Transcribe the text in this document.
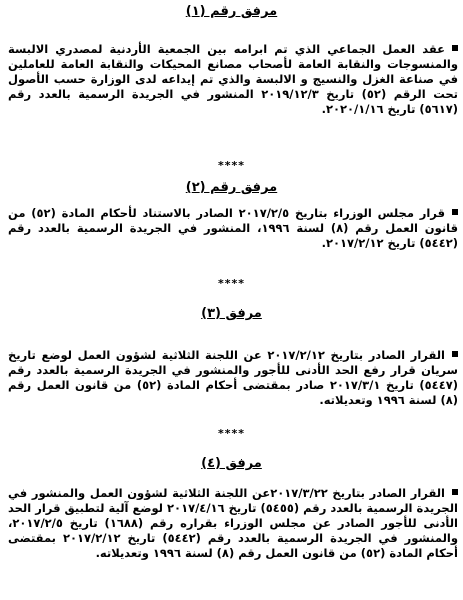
مرفق رقم (١)
عقد العمل الجماعي الذي تم ابرامه بين الجمعية الأردنية لمصدري الالبسة والمنسوجات والنقابة العامة لأصحاب مصانع المحيكات والنقابة العامة للعاملين في صناعة الغزل والنسيج و الالبسة والذي تم إيداعه لدى الوزارة حسب الأصول تحت الرقم (٥٢) تاريخ ٢٠١٩/١٢/٣ المنشور في الجريدة الرسمية بالعدد رقم (٥٦١٧) تاريخ ٢٠٢٠/١/١٦.
****
مرفق رقم (٢)
قرار مجلس الوزراء بتاريخ ٢٠١٧/٢/٥ الصادر بالاستناد لأحكام المادة (٥٢) من قانون العمل رقم (٨) لسنة ١٩٩٦، المنشور في الجريدة الرسمية بالعدد رقم (٥٤٤٢) تاريخ ٢٠١٧/٢/١٢.
****
مرفق (٣)
القرار الصادر بتاريخ ٢٠١٧/٢/١٢ عن اللجنة الثلاثية لشؤون العمل لوضع تاريخ سريان قرار رفع الحد الأدنى للأجور والمنشور في الجريدة الرسمية بالعدد رقم (٥٤٤٧) تاريخ ٢٠١٧/٣/١ صادر بمقتضى أحكام المادة (٥٢) من قانون العمل رقم (٨) لسنة ١٩٩٦ وتعديلاته.
****
مرفق (٤)
القرار الصادر بتاريخ ٢٠١٧/٣/٢٢عن اللجنة الثلاثية لشؤون العمل والمنشور في الجريدة الرسمية بالعدد رقم (٥٤٥٥) تاريخ ٢٠١٧/٤/١٦ لوضع آلية لتطبيق قرار الحد الأدنى للأجور الصادر عن مجلس الوزراء بقراره رقم (١٦٨٨) تاريخ ٢٠١٧/٢/٥، والمنشور في الجريدة الرسمية بالعدد رقم (٥٤٤٢) تاريخ ٢٠١٧/٢/١٢ بمقتضى أحكام المادة (٥٢) من قانون العمل رقم (٨) لسنة ١٩٩٦ وتعديلاته.
